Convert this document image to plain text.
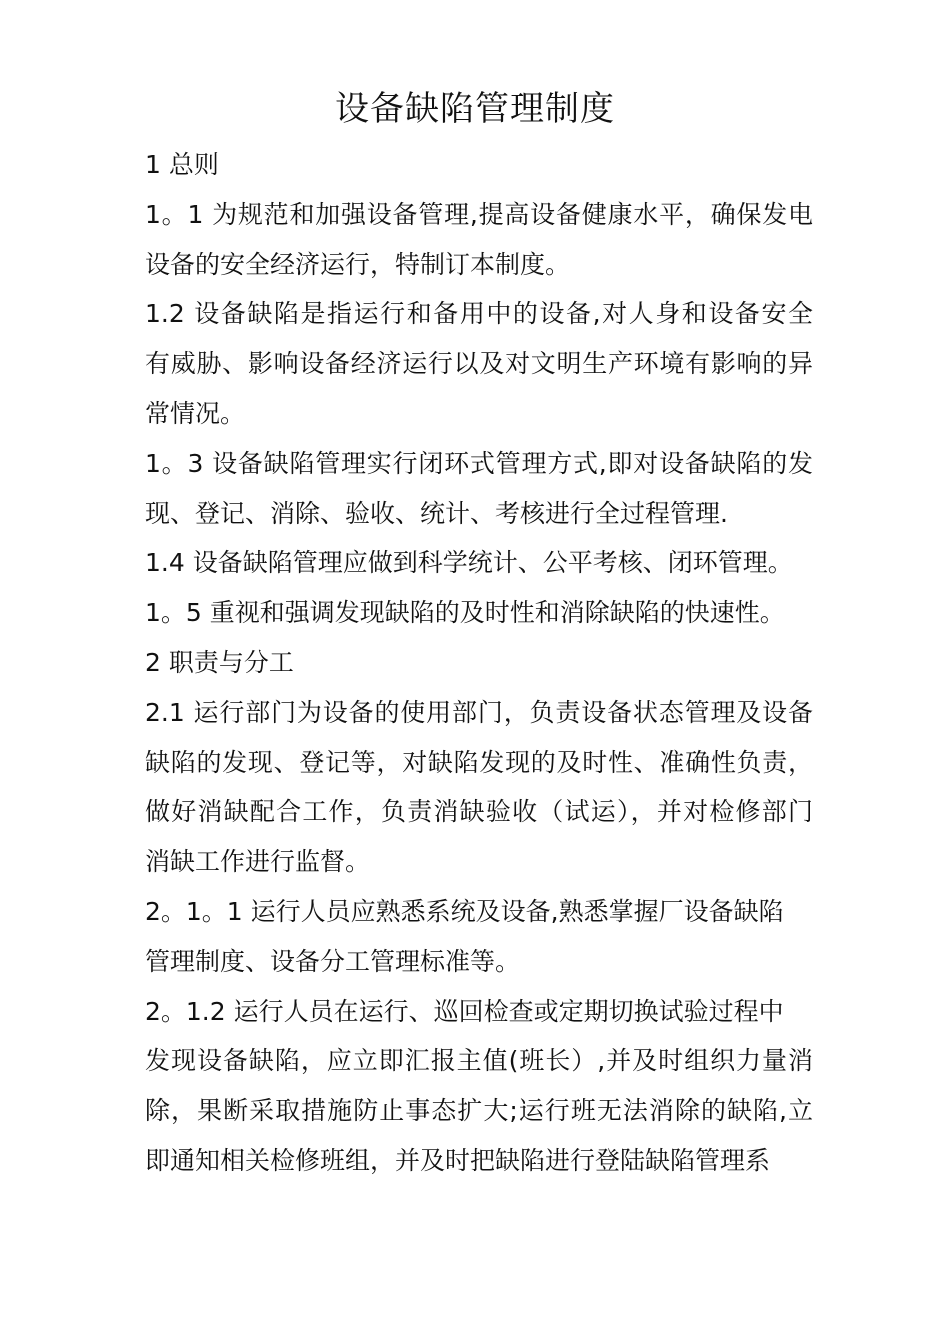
设备缺陷管理制度
1 总则
1。1 为规范和加强设备管理,提高设备健康水平，确保发电
设备的安全经济运行，特制订本制度。
1.2 设备缺陷是指运行和备用中的设备,对人身和设备安全
有威胁、影响设备经济运行以及对文明生产环境有影响的异
常情况。
1。3 设备缺陷管理实行闭环式管理方式,即对设备缺陷的发
现、登记、消除、验收、统计、考核进行全过程管理.
1.4 设备缺陷管理应做到科学统计、公平考核、闭环管理。
1。5 重视和强调发现缺陷的及时性和消除缺陷的快速性。
2 职责与分工
2.1 运行部门为设备的使用部门，负责设备状态管理及设备
缺陷的发现、登记等，对缺陷发现的及时性、准确性负责，
做好消缺配合工作，负责消缺验收（试运），并对检修部门
消缺工作进行监督。
2。1。1 运行人员应熟悉系统及设备,熟悉掌握厂设备缺陷
管理制度、设备分工管理标准等。
2。1.2 运行人员在运行、巡回检查或定期切换试验过程中
发现设备缺陷，应立即汇报主值(班长）,并及时组织力量消
除，果断采取措施防止事态扩大;运行班无法消除的缺陷,立
即通知相关检修班组，并及时把缺陷进行登陆缺陷管理系
